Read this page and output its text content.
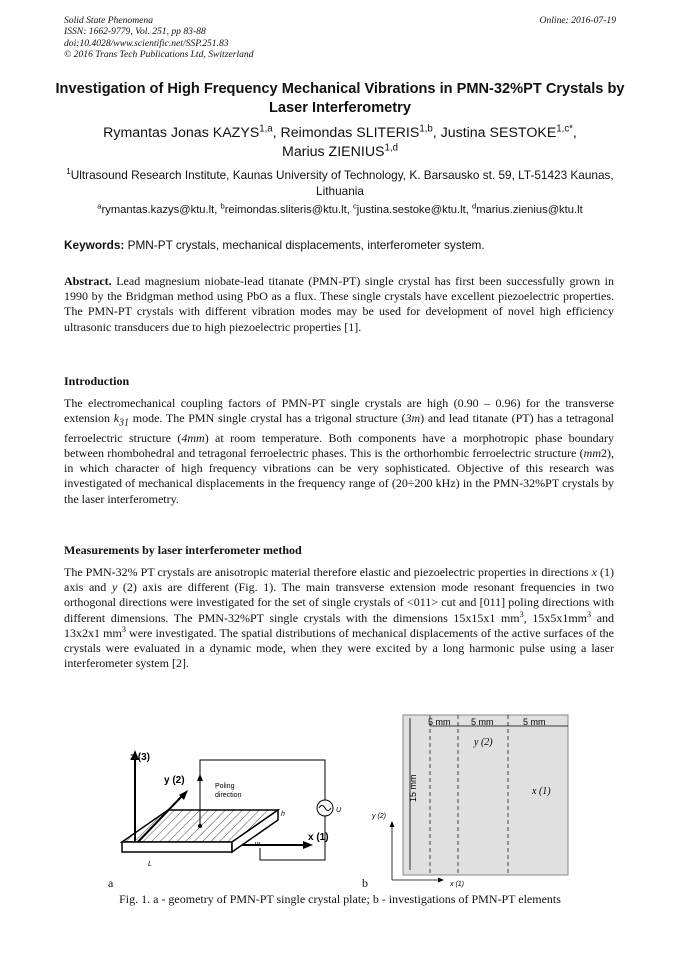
Solid State Phenomena
ISSN: 1662-9779, Vol. 251, pp 83-88
doi:10.4028/www.scientific.net/SSP.251.83
© 2016 Trans Tech Publications Ltd, Switzerland
Online: 2016-07-19
Investigation of High Frequency Mechanical Vibrations in PMN-32%PT Crystals by Laser Interferometry
Rymantas Jonas KAZYS$^{1,a}$, Reimondas SLITERIS$^{1,b}$, Justina $SESTOKE^{1,c*}$,
Marius ZIENIUS$^{1,d}$
$^1$Ultrasound Research Institute, Kaunas University of Technology, K. Barsausko st. 59, LT-51423 Kaunas, Lithuania
$^a$rymantas.kazys@ktu.lt, $^b$reimondas.sliteris@ktu.lt, $^c$justina.sestoke@ktu.lt, $^d$marius.zienius@ktu.lt
Keywords: PMN-PT crystals, mechanical displacements, interferometer system.
Abstract. Lead magnesium niobate-lead titanate (PMN-PT) single crystal has first been successfully grown in 1990 by the Bridgman method using PbO as a flux. These single crystals have excellent piezoelectric properties. The PMN-PT crystals with different vibration modes may be used for development of novel high efficiency ultrasonic transducers due to high piezoelectric properties [1].
Introduction
The electromechanical coupling factors of PMN-PT single crystals are high (0.90 – 0.96) for the transverse extension $k_{31}$ mode. The PMN single crystal has a trigonal structure (3m) and lead titanate (PT) has a tetragonal ferroelectric structure (4mm) at room temperature. Both components have a morphotropic phase boundary between rhombohedral and tetragonal ferroelectric phases. This is the orthorhombic ferroelectric structure (mm2), in which character of high frequency vibrations can be very sophisticated. Objective of this research was investigated of mechanical displacements in the frequency range of (20÷200 kHz) in the PMN-32%PT crystals by the laser interferometry.
Measurements by laser interferometer method
The PMN-32% PT crystals are anisotropic material therefore elastic and piezoelectric properties in directions x (1) axis and y (2) axis are different (Fig. 1). The main transverse extension mode resonant frequencies in two orthogonal directions were investigated for the set of single crystals of <011> cut and [011] poling directions with different dimensions. The PMN-32%PT single crystals with the dimensions 15x15x1 $mm^3$, $15x5x1mm^3$ and 13x2x1 $mm^3$ were investigated. The spatial distributions of mechanical displacements of the active surfaces of the crystals were evaluated in a dynamic mode, when they were excited by a long harmonic pulse using a laser interferometer system [2].
z (3)
y (2)
x (1)
Poling
direction
h
w
L
U
5 mm 5 mm	5 mm
15 mm
y (2)
x (1)
y (2)
x (1)
a	b
Fig. 1. a - geometry of PMN-PT single crystal plate; b - investigations of PMN-PT elements
